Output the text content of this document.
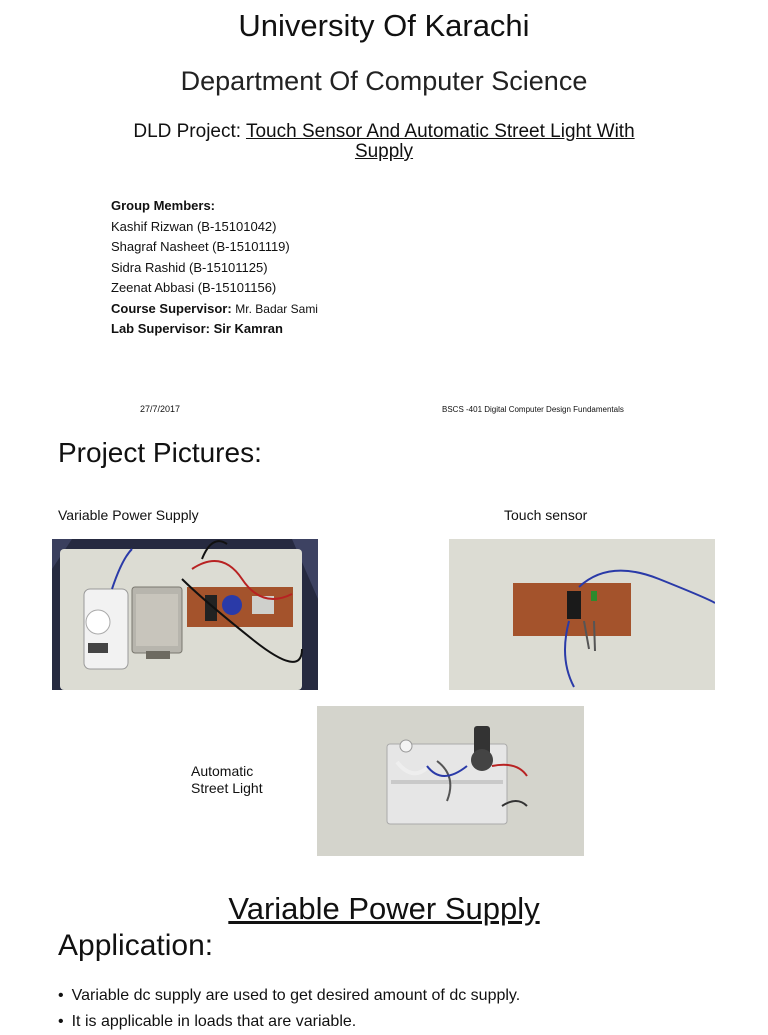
University Of Karachi
Department Of Computer Science
DLD Project: Touch Sensor And Automatic Street Light With
Supply
Group Members:
Kashif Rizwan (B-15101042)
Shagraf Nasheet (B-15101119)
Sidra Rashid (B-15101125)
Zeenat Abbasi (B-15101156)
Course Supervisor: Mr. Badar Sami
Lab Supervisor: Sir Kamran
27/7/2017	BSCS -401 Digital Computer Design Fundamentals
Project Pictures:
Variable Power Supply	Touch sensor
Automatic
Street Light
Variable Power Supply
Application:
• Variable dc supply are used to get desired amount of dc supply.
• It is applicable in loads that are variable.
